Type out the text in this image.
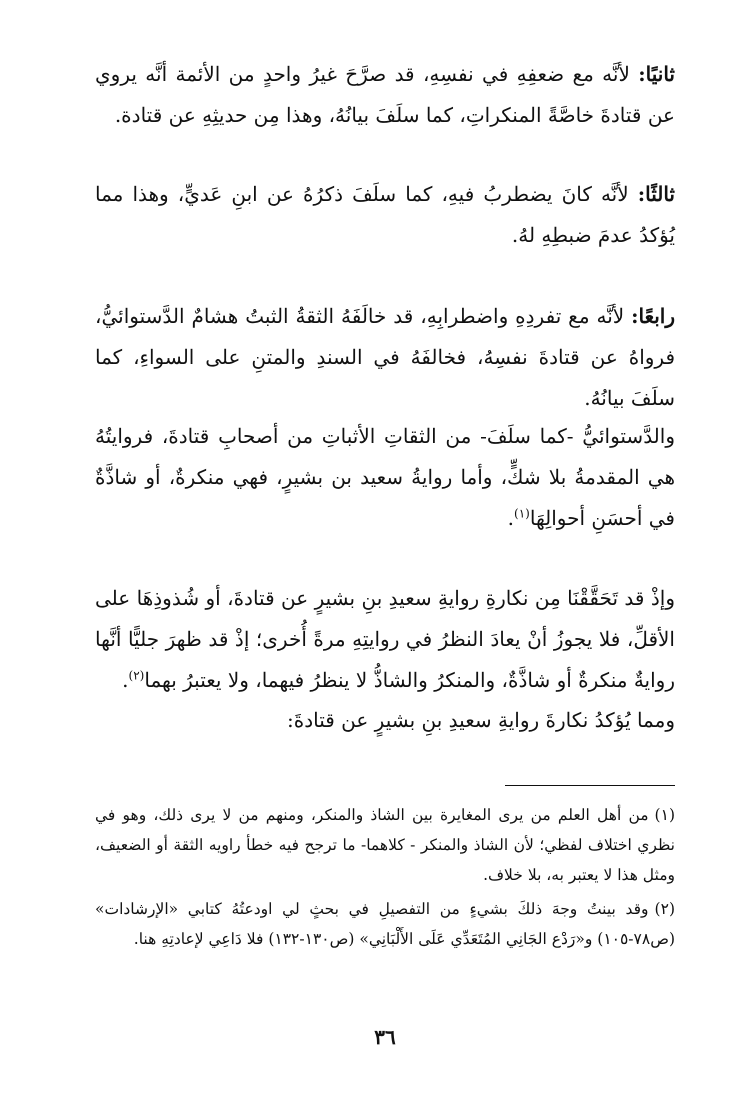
ثانيًا: لأنَّه مع ضعفِهِ في نفسِهِ، قد صرَّحَ غيرُ واحدٍ من الأئمة أنَّه يروي عن قتادةَ خاصَّةً المنكراتِ، كما سلَفَ بيانُهُ، وهذا مِن حديثِهِ عن قتادة.

ثالثًا: لأنَّه كانَ يضطربُ فيهِ، كما سلَفَ ذكرُهُ عن ابنِ عَديٍّ، وهذا مما يُؤكدُ عدمَ ضبطِهِ لهُ.

رابعًا: لأنَّه مع تفردِهِ واضطرابِهِ، قد خالَفَهُ الثقةُ الثبتُ هشامٌ الدَّستوائيُّ، فرواهُ عن قتادةَ نفسِهُ، فخالفَهُ في السندِ والمتنِ على السواءِ، كما سلَفَ بيانُهُ.

والدَّستوائيُّ -كما سلَفَ- من الثقاتِ الأثباتِ من أصحابِ قتادةَ، فروايتُهُ هي المقدمةُ بلا شكٍّ، وأما روايةُ سعيد بن بشيرٍ، فهي منكرةٌ، أو شاذَّةٌ في أحسَنِ أحوالِهَا$^{(١)}$.

وإذْ قد تَحَقَّقْنَا مِن نكارةِ روايةِ سعيدِ بنِ بشيرٍ عن قتادةَ، أو شُذوذِهَا على الأقلِّ، فلا يجوزُ أنْ يعادَ النظرُ في روايتِهِ مرةً أُخرى؛ إذْ قد ظهرَ جليًّا أنَّها روايةٌ منكرةٌ أو شاذَّةٌ، والمنكرُ والشاذُّ لا ينظرُ فيهما، ولا يعتبرُ بهما$^{(٢)}$.

ومما يُؤكدُ نكارةَ روايةِ سعيدِ بنِ بشيرٍ عن قتادةَ:

(١)من أهل العلم من يرى المغايرة بين الشاذ والمنكر، ومنهم من لا يرى ذلك، وهو في نظري اختلاف لفظي؛ لأن الشاذ والمنكر - كلاهما- ما ترجح فيه خطأ راويه الثقة أو الضعيف، ومثل هذا لا يعتبر به، بلا خلاف.

(٢)وقد بينتُ وجهَ ذلكَ بشيءٍ من التفصيلِ في بحثٍ لي اودعتُهُ كتابي «الإرشادات» (ص٧٨-١٠٥) و«رَدْع الجَانِي المُتَعَدِّي عَلَى الأَلْبَانِي» (ص١٣٠-١٣٢) فلا دَاعِي لإعادتِهِ هنا.

٣٦
